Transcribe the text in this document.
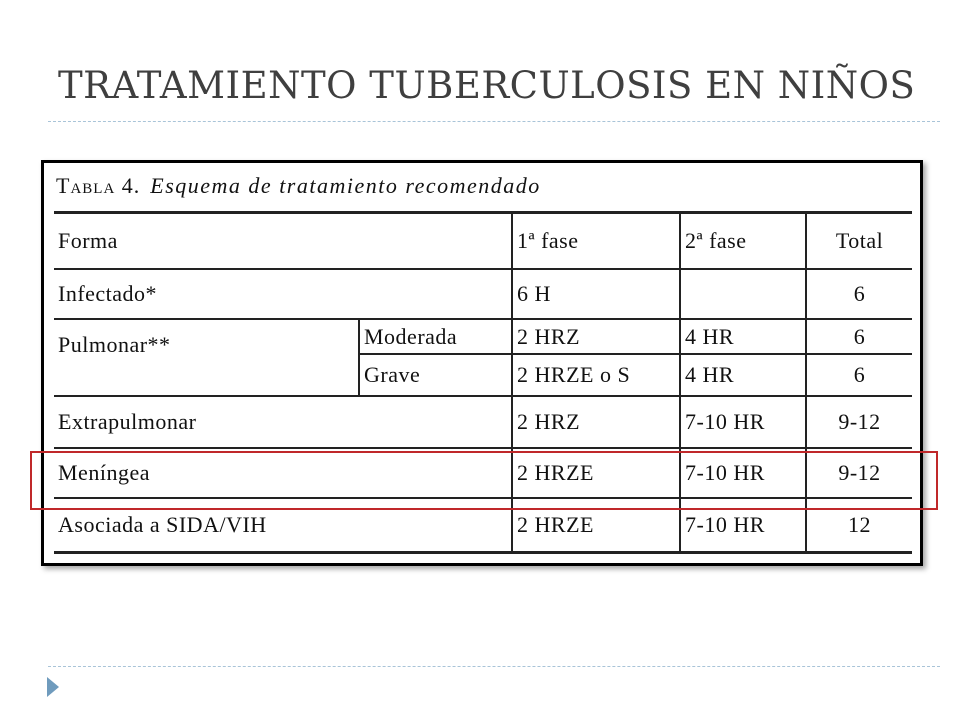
TRATAMIENTO TUBERCULOSIS EN NIÑOS
Tabla 4. Esquema de tratamiento recomendado
Forma		1ª fase	2ª fase	Total
Infectado*		6 H		6
Pulmonar**	Moderada	2 HRZ	4 HR	6
	Grave	2 HRZE o S	4 HR	6
Extrapulmonar		2 HRZ	7-10 HR	9-12
Meníngea		2 HRZE	7-10 HR	9-12
Asociada a SIDA/VIH		2 HRZE	7-10 HR	12
